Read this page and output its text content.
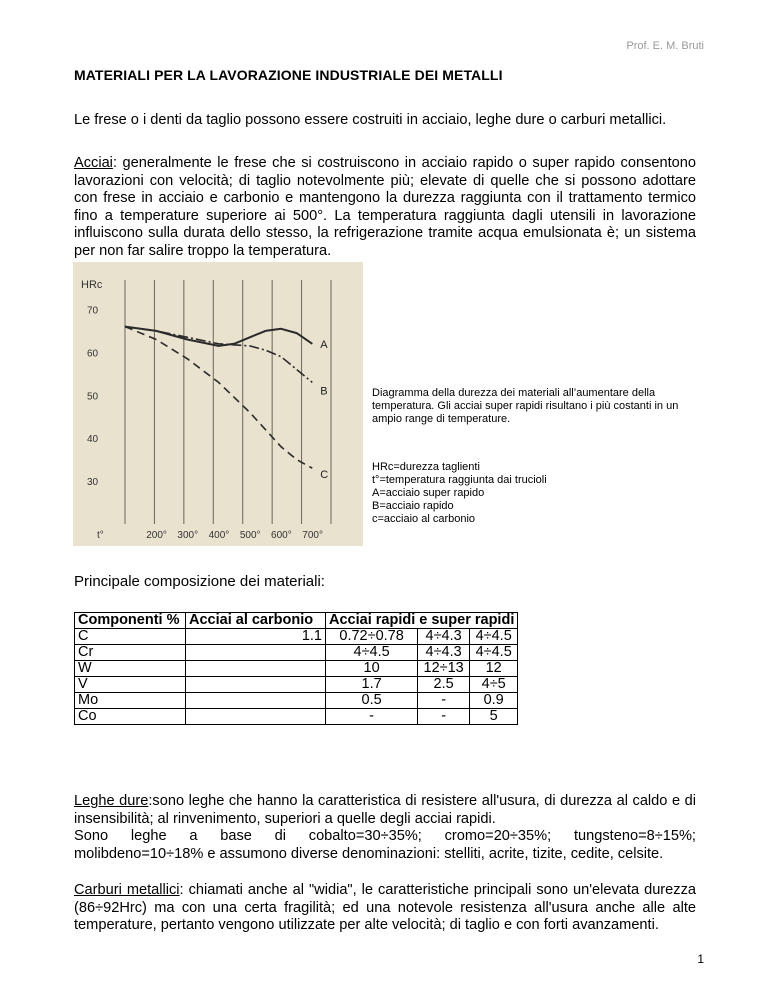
Prof. E. M. Bruti
MATERIALI PER LA LAVORAZIONE INDUSTRIALE DEI METALLI
Le frese o i denti da taglio possono essere costruiti in acciaio, leghe dure o carburi metallici.
Acciai: generalmente le frese che si costruiscono in acciaio rapido o super rapido consentono lavorazioni con velocità; di taglio notevolmente più; elevate di quelle che si possono adottare con frese in acciaio e carbonio e mantengono la durezza raggiunta con il trattamento termico fino a temperature superiore ai 500°. La temperatura raggiunta dagli utensili in lavorazione influiscono sulla durata dello stesso, la refrigerazione tramite acqua emulsionata è; un sistema per non far salire troppo la temperatura.
70
60
50
40
30
HRc
t°	200° 300° 400° 500° 600° 700°
A
B
C
Diagramma della durezza dei materiali all’aumentare della temperatura. Gli acciai super rapidi risultano i più costanti in un ampio range di temperature.
HRc=durezza taglienti
t°=temperatura raggiunta dai trucioli
A=acciaio super rapido
B=acciaio rapido
c=acciaio al carbonio
Principale composizione dei materiali:
Componenti %	Acciai al carbonio	Acciai rapidi e super rapidi		
C	1.1	0.72÷0.78	4÷4.3	4÷4.5
Cr		4÷4.5	4÷4.3	4÷4.5
W		10	12÷13	12
V		1.7	2.5	4÷5
Mo		0.5	-	0.9
Co		-	-	5
Leghe dure:sono leghe che hanno la caratteristica di resistere all'usura, di durezza al caldo e di insensibilità; al rinvenimento, superiori a quelle degli acciai rapidi.
Sono leghe a base di cobalto=30÷35%; cromo=20÷35%; tungsteno=8÷15%; molibdeno=10÷18% e assumono diverse denominazioni: stelliti, acrite, tizite, cedite, celsite.
Carburi metallici: chiamati anche al "widia", le caratteristiche principali sono un'elevata durezza (86÷92Hrc) ma con una certa fragilità; ed una notevole resistenza all'usura anche alle alte temperature, pertanto vengono utilizzate per alte velocità; di taglio e con forti avanzamenti.
1
